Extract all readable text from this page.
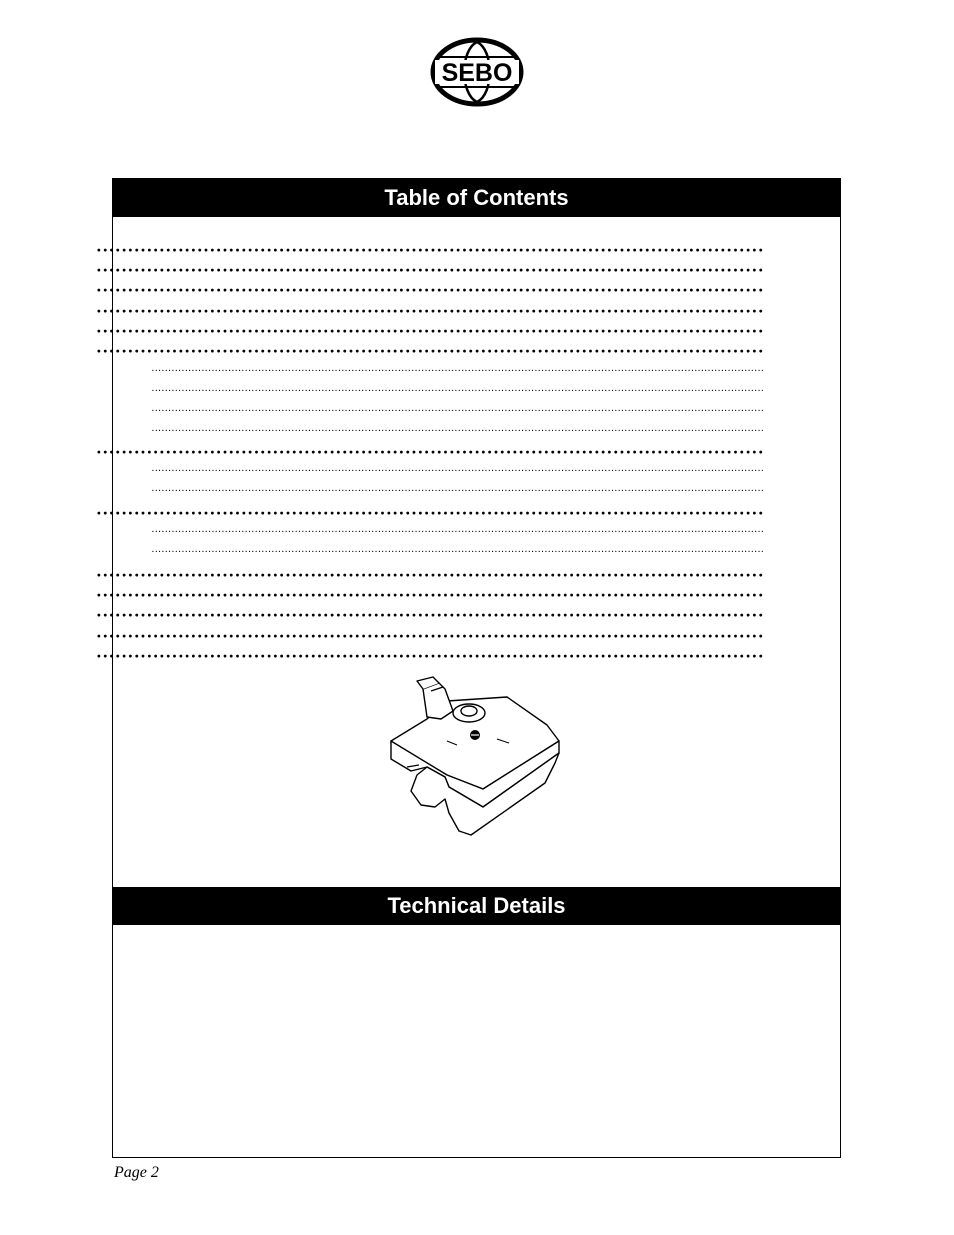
SEBO
Table of Contents
··········································································································
··········································································································
··········································································································
··········································································································
··········································································································
··········································································································
························································································································································································
························································································································································································
························································································································································································
························································································································································································
··········································································································
························································································································································································
························································································································································································
··········································································································
························································································································································································
························································································································································································
··········································································································
··········································································································
··········································································································
··········································································································
··········································································································
Technical Details
Page 2
